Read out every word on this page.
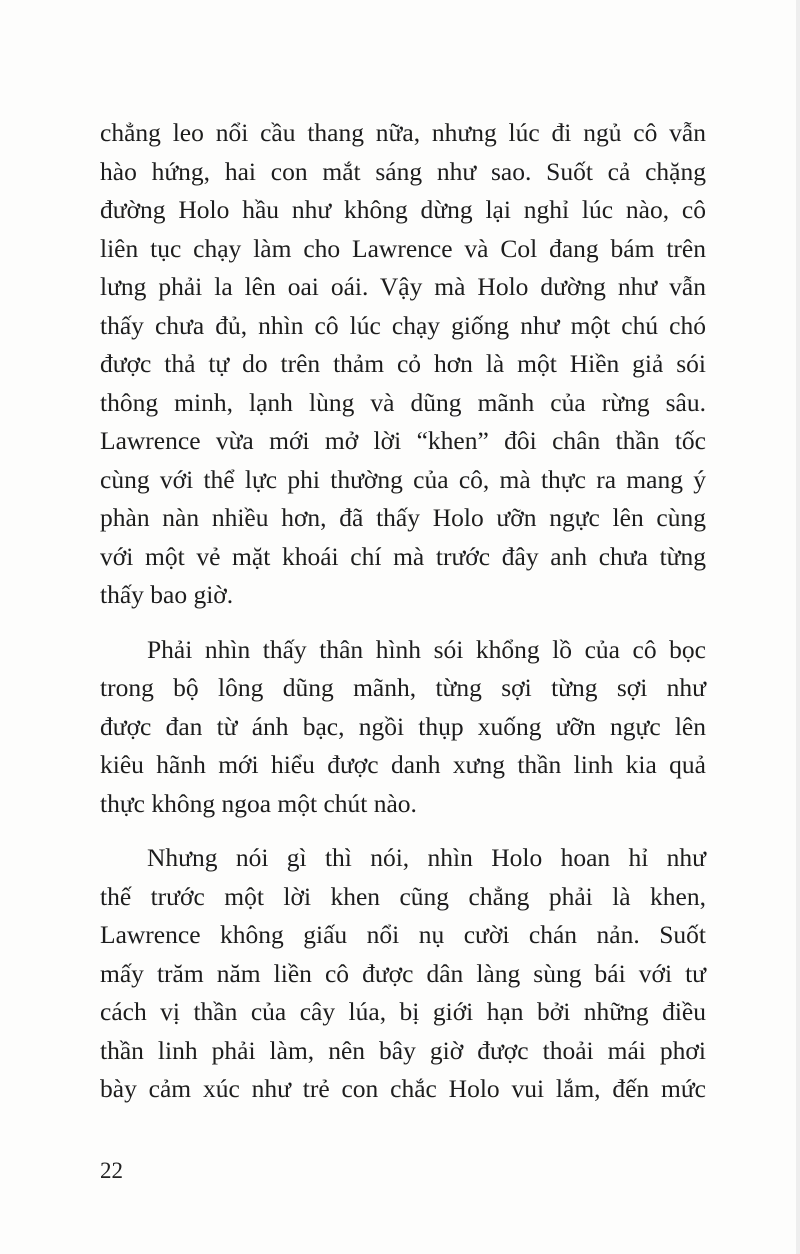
chẳng leo nổi cầu thang nữa, nhưng lúc đi ngủ cô vẫn
hào hứng, hai con mắt sáng như sao. Suốt cả chặng
đường Holo hầu như không dừng lại nghỉ lúc nào, cô
liên tục chạy làm cho Lawrence và Col đang bám trên
lưng phải la lên oai oái. Vậy mà Holo dường như vẫn
thấy chưa đủ, nhìn cô lúc chạy giống như một chú chó
được thả tự do trên thảm cỏ hơn là một Hiền giả sói
thông minh, lạnh lùng và dũng mãnh của rừng sâu.
Lawrence vừa mới mở lời “khen” đôi chân thần tốc
cùng với thể lực phi thường của cô, mà thực ra mang ý
phàn nàn nhiều hơn, đã thấy Holo ưỡn ngực lên cùng
với một vẻ mặt khoái chí mà trước đây anh chưa từng
thấy bao giờ.
Phải nhìn thấy thân hình sói khổng lồ của cô bọc
trong bộ lông dũng mãnh, từng sợi từng sợi như
được đan từ ánh bạc, ngồi thụp xuống ưỡn ngực lên
kiêu hãnh mới hiểu được danh xưng thần linh kia quả
thực không ngoa một chút nào.
Nhưng nói gì thì nói, nhìn Holo hoan hỉ như
thế trước một lời khen cũng chẳng phải là khen,
Lawrence không giấu nổi nụ cười chán nản. Suốt
mấy trăm năm liền cô được dân làng sùng bái với tư
cách vị thần của cây lúa, bị giới hạn bởi những điều
thần linh phải làm, nên bây giờ được thoải mái phơi
bày cảm xúc như trẻ con chắc Holo vui lắm, đến mức
22
